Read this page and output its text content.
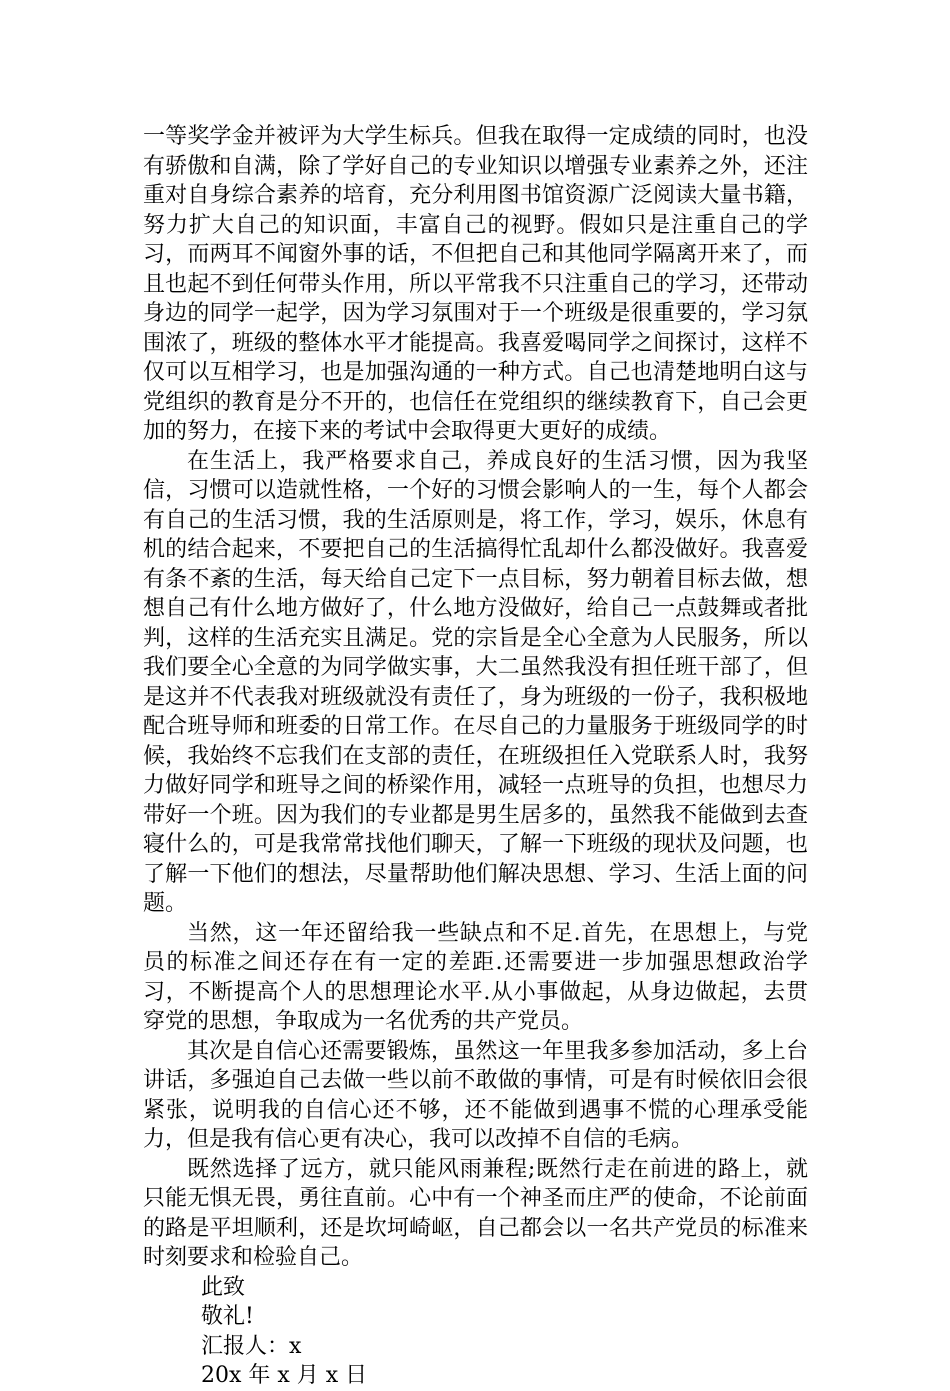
一等奖学金并被评为大学生标兵。但我在取得一定成绩的同时，也没有骄傲和自满，除了学好自己的专业知识以增强专业素养之外，还注重对自身综合素养的培育，充分利用图书馆资源广泛阅读大量书籍，努力扩大自己的知识面，丰富自己的视野。假如只是注重自己的学习，而两耳不闻窗外事的话，不但把自己和其他同学隔离开来了，而且也起不到任何带头作用，所以平常我不只注重自己的学习，还带动身边的同学一起学，因为学习氛围对于一个班级是很重要的，学习氛围浓了，班级的整体水平才能提高。我喜爱喝同学之间探讨，这样不仅可以互相学习，也是加强沟通的一种方式。自己也清楚地明白这与党组织的教育是分不开的，也信任在党组织的继续教育下，自己会更加的努力，在接下来的考试中会取得更大更好的成绩。

在生活上，我严格要求自己，养成良好的生活习惯，因为我坚信，习惯可以造就性格，一个好的习惯会影响人的一生，每个人都会有自己的生活习惯，我的生活原则是，将工作，学习，娱乐，休息有机的结合起来，不要把自己的生活搞得忙乱却什么都没做好。我喜爱有条不紊的生活，每天给自己定下一点目标，努力朝着目标去做，想想自己有什么地方做好了，什么地方没做好，给自己一点鼓舞或者批判，这样的生活充实且满足。党的宗旨是全心全意为人民服务，所以我们要全心全意的为同学做实事，大二虽然我没有担任班干部了，但是这并不代表我对班级就没有责任了，身为班级的一份子，我积极地配合班导师和班委的日常工作。在尽自己的力量服务于班级同学的时候，我始终不忘我们在支部的责任，在班级担任入党联系人时，我努力做好同学和班导之间的桥梁作用，减轻一点班导的负担，也想尽力带好一个班。因为我们的专业都是男生居多的，虽然我不能做到去查寝什么的，可是我常常找他们聊天，了解一下班级的现状及问题，也了解一下他们的想法，尽量帮助他们解决思想、学习、生活上面的问题。

当然，这一年还留给我一些缺点和不足.首先，在思想上，与党员的标准之间还存在有一定的差距.还需要进一步加强思想政治学习，不断提高个人的思想理论水平.从小事做起，从身边做起，去贯穿党的思想，争取成为一名优秀的共产党员。

其次是自信心还需要锻炼，虽然这一年里我多参加活动，多上台讲话，多强迫自己去做一些以前不敢做的事情，可是有时候依旧会很紧张，说明我的自信心还不够，还不能做到遇事不慌的心理承受能力，但是我有信心更有决心，我可以改掉不自信的毛病。

既然选择了远方，就只能风雨兼程;既然行走在前进的路上，就只能无惧无畏，勇往直前。心中有一个神圣而庄严的使命，不论前面的路是平坦顺利，还是坎坷崎岖，自己都会以一名共产党员的标准来时刻要求和检验自己。

此致

敬礼!

汇报人：x

20x 年 x 月 x 日
